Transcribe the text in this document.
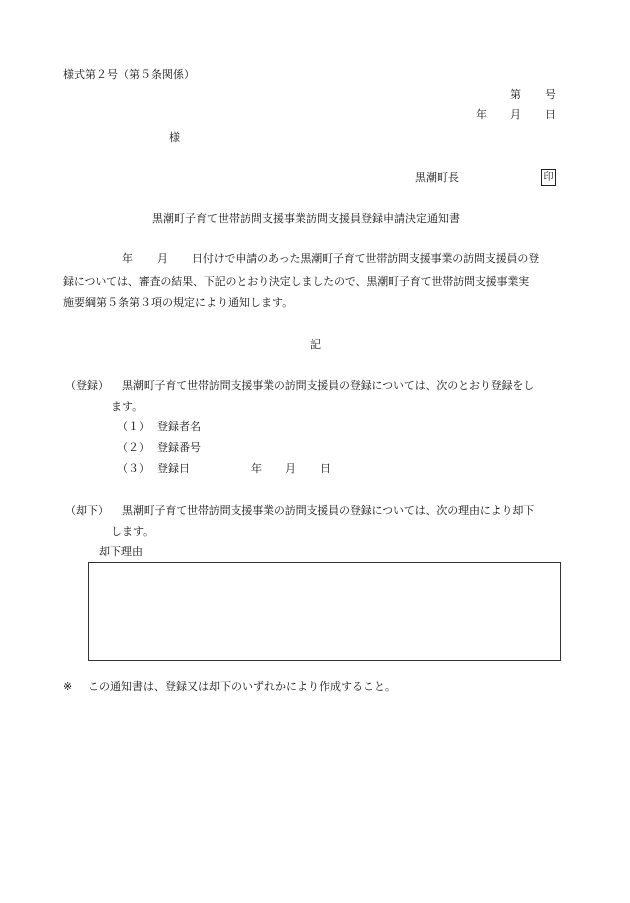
様式第２号（第５条関係）
第 号
年 月 日
様
黒潮町長	印
黒潮町子育て世帯訪問支援事業訪問支援員登録申請決定通知書
年 月 日付けで申請のあった黒潮町子育て世帯訪問支援事業の訪問支援員の登
録については、審査の結果、下記のとおり決定しましたので、黒潮町子育て世帯訪問支援事業実
施要綱第５条第３項の規定により通知します。
記
（登録） 黒潮町子育て世帯訪問支援事業の訪問支援員の登録については、次のとおり登録をし
ます。
（１） 登録者名
（２） 登録番号
（３） 登録日	年 月 日
（却下） 黒潮町子育て世帯訪問支援事業の訪問支援員の登録については、次の理由により却下
します。
却下理由
※ この通知書は、登録又は却下のいずれかにより作成すること。
